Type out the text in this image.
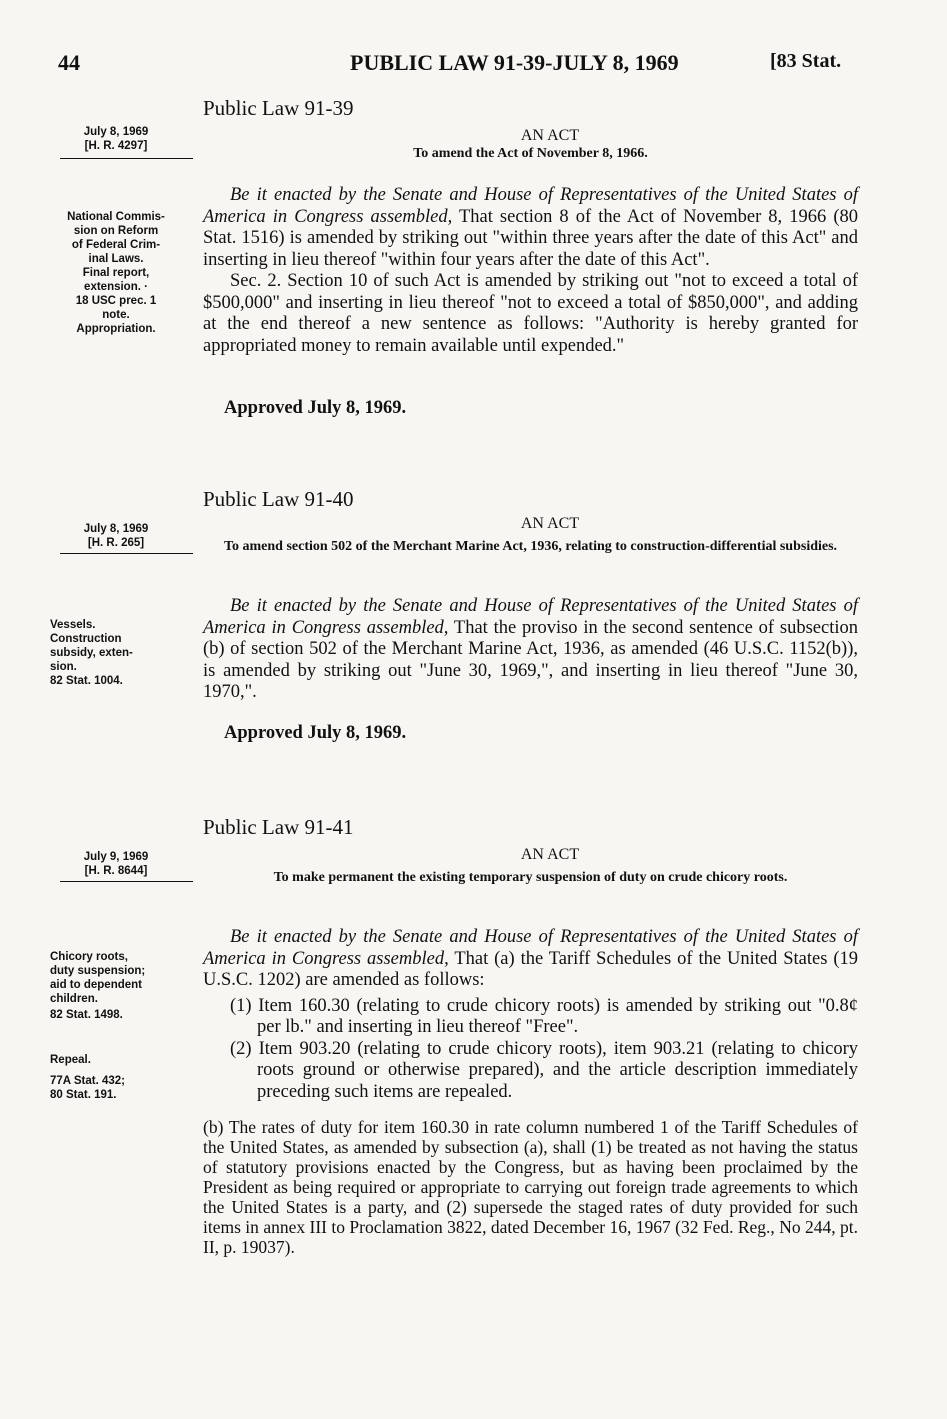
44	PUBLIC LAW 91-39-JULY 8, 1969	[83 Stat.
Public Law 91-39
July 8, 1969
[H. R. 4297]
AN ACT
To amend the Act of November 8, 1966.
National Commis-
sion on Reform
of Federal Crim-
inal Laws.
Final report,
extension. ·
18 USC prec. 1
note.
Appropriation.

Be it enacted by the Senate and House of Representatives of the United States of America in Congress assembled, That section 8 of the Act of November 8, 1966 (80 Stat. 1516) is amended by striking out "within three years after the date of this Act" and inserting in lieu thereof "within four years after the date of this Act".

Sec. 2. Section 10 of such Act is amended by striking out "not to exceed a total of $500,000" and inserting in lieu thereof "not to exceed a total of $850,000", and adding at the end thereof a new sentence as follows: "Authority is hereby granted for appropriated money to remain available until expended."

Approved July 8, 1969.
Public Law 91-40
July 8, 1969
[H. R. 265]
AN ACT
To amend section 502 of the Merchant Marine Act, 1936, relating to construction-differential subsidies.
Vessels.
Construction
subsidy, exten-
sion.
82 Stat. 1004.

Be it enacted by the Senate and House of Representatives of the United States of America in Congress assembled, That the proviso in the second sentence of subsection (b) of section 502 of the Merchant Marine Act, 1936, as amended (46 U.S.C. 1152(b)), is amended by striking out "June 30, 1969,", and inserting in lieu thereof "June 30, 1970,".

Approved July 8, 1969.
Public Law 91-41
July 9, 1969
[H. R. 8644]
AN ACT
To make permanent the existing temporary suspension of duty on crude chicory roots.
Chicory roots,
duty suspension;
aid to dependent
children.
82 Stat. 1498.
Repeal.
77A Stat. 432;
80 Stat. 191.

Be it enacted by the Senate and House of Representatives of the United States of America in Congress assembled, That (a) the Tariff Schedules of the United States (19 U.S.C. 1202) are amended as follows:

(1) Item 160.30 (relating to crude chicory roots) is amended by striking out "0.8¢ per lb." and inserting in lieu thereof "Free".

(2) Item 903.20 (relating to crude chicory roots), item 903.21 (relating to chicory roots ground or otherwise prepared), and the article description immediately preceding such items are repealed.

(b) The rates of duty for item 160.30 in rate column numbered 1 of the Tariff Schedules of the United States, as amended by subsection (a), shall (1) be treated as not having the status of statutory provisions enacted by the Congress, but as having been proclaimed by the President as being required or appropriate to carrying out foreign trade agreements to which the United States is a party, and (2) supersede the staged rates of duty provided for such items in annex III to Proclamation 3822, dated December 16, 1967 (32 Fed. Reg., No 244, pt. II, p. 19037).
